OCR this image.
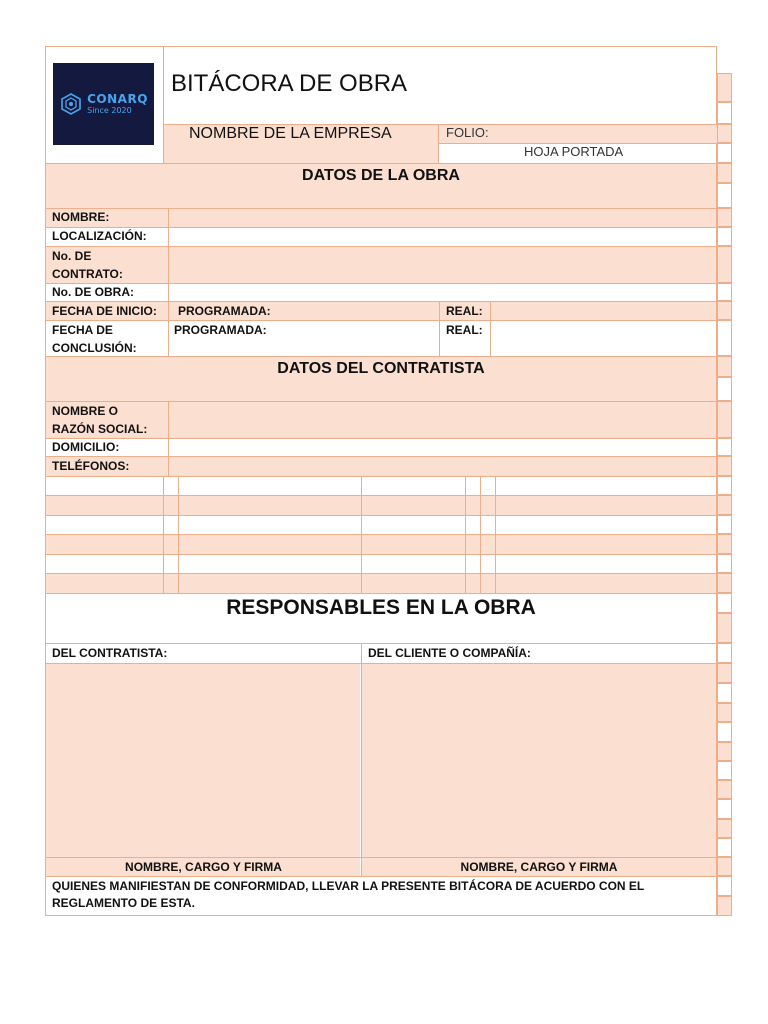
CONARQ
Since 2020
BITÁCORA DE OBRA
NOMBRE DE LA EMPRESA	FOLIO:
HOJA PORTADA
DATOS DE LA OBRA
NOMBRE:
LOCALIZACIÓN:
No. DE
CONTRATO:
No. DE OBRA:
FECHA DE INICIO:	PROGRAMADA:	REAL:
FECHA DE
CONCLUSIÓN:
PROGRAMADA:	REAL:
DATOS DEL CONTRATISTA
NOMBRE O
RAZÓN SOCIAL:
DOMICILIO:
TELÉFONOS:
RESPONSABLES EN LA OBRA
DEL CONTRATISTA:	DEL CLIENTE O COMPAÑÍA:
NOMBRE, CARGO Y FIRMA	NOMBRE, CARGO Y FIRMA
QUIENES MANIFIESTAN DE CONFORMIDAD, LLEVAR LA PRESENTE BITÁCORA DE ACUERDO CON EL REGLAMENTO DE ESTA.
